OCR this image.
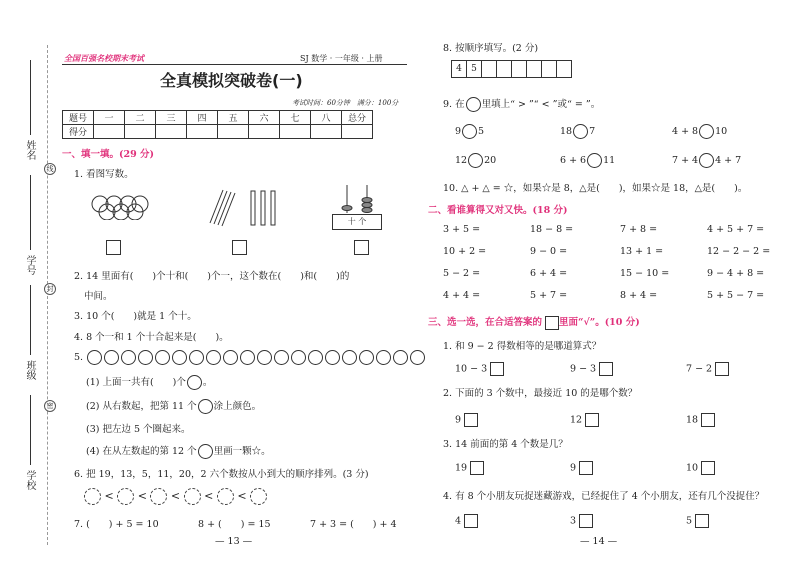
姓名
学号
班级
学校
线
封
密
全国百强名校期末考试	SJ 数学 · 一年级 · 上册
全真模拟突破卷(一)
考试时间：60分钟　满分：100分
题号	一	二	三	四	五	六	七	八	总分
得分									
一、填一填。(29 分)
1. 看图写数。
十 个
2. 14 里面有(　　)个十和(　　)个一，这个数在(　　)和(　　)的
中间。
3. 10 个(　　)就是 1 个十。
4. 8 个一和 1 个十合起来是(　　)。
5.
(1) 上面一共有(　　)个 。
(2) 从右数起，把第 11 个 涂上颜色。
(3) 把左边 5 个圈起来。
(4) 在从左数起的第 12 个 里画一颗☆。
6. 把 19，13，5，11，20，2 六个数按从小到大的顺序排列。(3 分)
<  <  <  <  <
7. (　　) + 5 = 10	8 + (　　) = 15	7 + 3 = (　　) + 4
— 13 —
8. 按顺序填写。(2 分)
4	5
9. 在 里填上“ > ”“ < ”或“ = ”。
9 5	18 7	4 + 8 10
12 20	6 + 6 11	7 + 4 4 + 7
10. △ + △ = ☆，如果☆是 8，△是(　　)，如果☆是 18，△是(　　)。
二、看谁算得又对又快。(18 分)
3 + 5 =	18 − 8 =	7 + 8 =	4 + 5 + 7 =
10 + 2 =	9 − 0 =	13 + 1 =	12 − 2 − 2 =
5 − 2 =	6 + 4 =	15 − 10 =	9 − 4 + 8 =
4 + 4 =	5 + 7 =	8 + 4 =	5 + 5 − 7 =
三、选一选，在合适答案的 里面“√”。(10 分)
1. 和 9 − 2 得数相等的是哪道算式？
2. 下面的 3 个数中，最接近 10 的是哪个数？
3. 14 前面的第 4 个数是几？
4. 有 8 个小朋友玩捉迷藏游戏，已经捉住了 4 个小朋友，还有几个没捉住？
10 − 3	9 − 3	7 − 2
9	12	18
19	9	10
4	3	5
— 14 —
